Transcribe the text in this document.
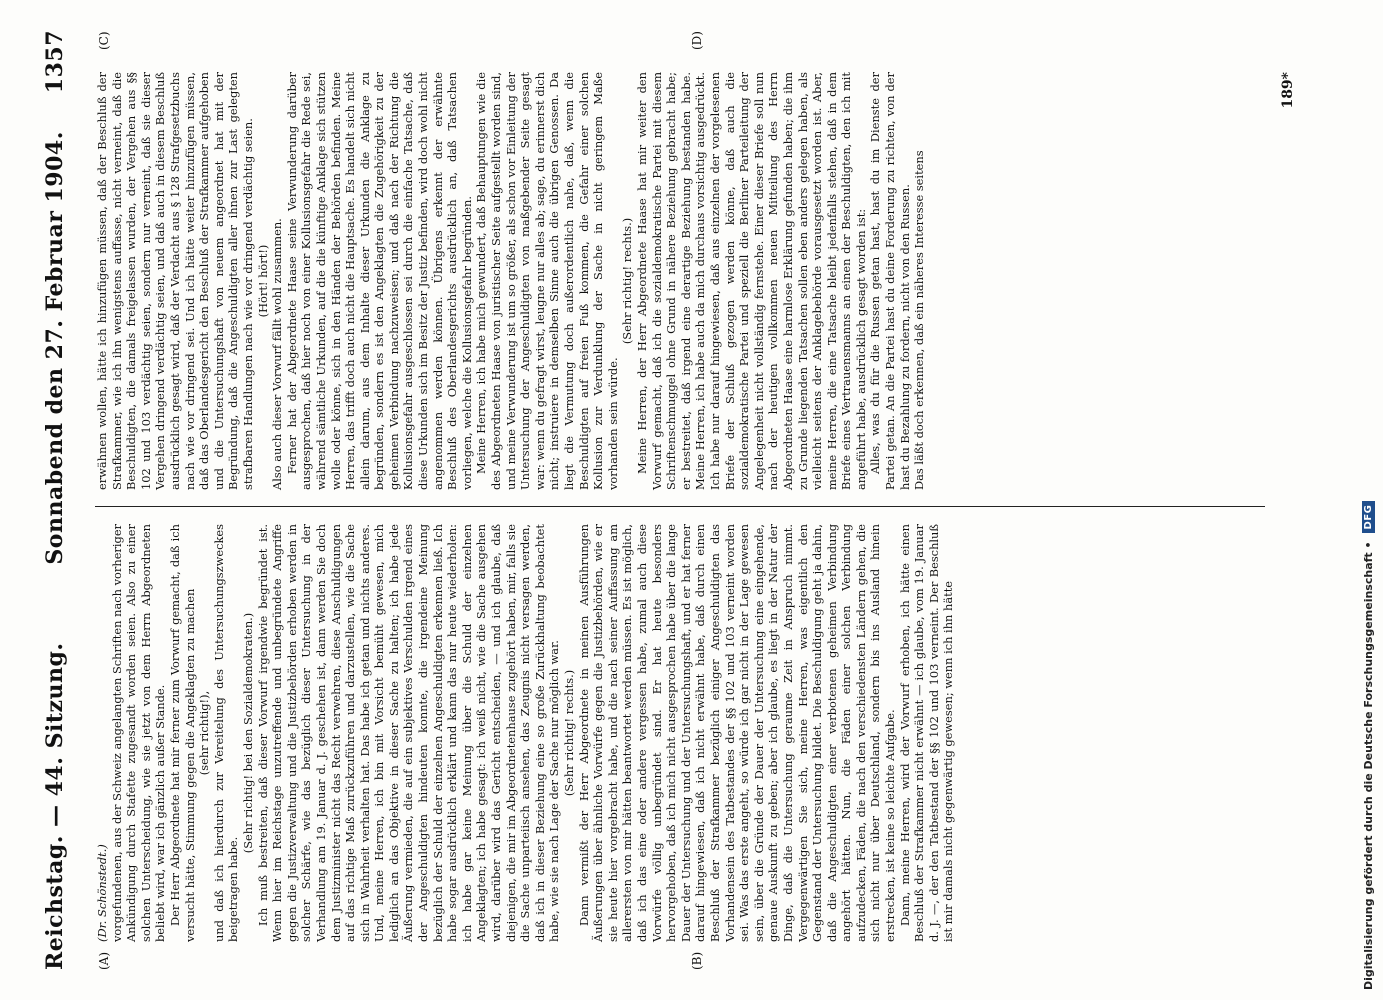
Reichstag. — 44. Sitzung.
Sonnabend den 27. Februar 1904.
1357
(A)	(B)
(C)	(D)

(Dr. Schönstedt.) vorgefundenen, aus der Schweiz angelangten Schriften nach vorheriger Ankündigung durch Stafette zugesandt worden seien. Also zu einer solchen Unterscheidung, wie sie jetzt von dem Herrn Abgeordneten beliebt wird, war ich gänzlich außer Stande. Der Herr Abgeordnete hat mir ferner zum Vorwurf gemacht, daß ich versucht hätte, Stimmung gegen die Angeklagten zu machen (sehr richtig!), und daß ich hierdurch zur Vereitelung des Untersuchungszweckes beigetragen habe.

(Sehr richtig! bei den Sozialdemokraten.) Ich muß bestreiten, daß dieser Vorwurf irgendwie begründet ist. Wenn hier im Reichstage unzutreffende und unbegründete Angriffe gegen die Justizverwaltung und die Justizbehörden erhoben werden in solcher Schärfe, wie das bezüglich dieser Untersuchung in der Verhandlung am 19. Januar d. J. geschehen ist, dann werden Sie doch dem Justizminister nicht das Recht verwehren, diese Anschuldigungen auf das richtige Maß zurückzuführen und darzustellen, wie die Sache sich in Wahrheit verhalten hat. Das habe ich getan und nichts anderes. Und, meine Herren, ich bin mit Vorsicht bemüht gewesen, mich lediglich an das Objektive in dieser Sache zu halten; ich habe jede Äußerung vermieden, die auf ein subjektives Verschulden irgend eines der Angeschuldigten hindeuten konnte, die irgendeine Meinung bezüglich der Schuld der einzelnen Angeschuldigten erkennen ließ. Ich habe sogar ausdrücklich erklärt und kann das nur heute wiederholen: ich habe gar keine Meinung über die Schuld der einzelnen Angeklagten; ich habe gesagt: ich weiß nicht, wie die Sache ausgehen wird, darüber wird das Gericht entscheiden, — und ich glaube, daß diejenigen, die mir im Abgeordnetenhause zugehört haben, mir, falls sie die Sache unparteiisch ansehen, das Zeugnis nicht versagen werden, daß ich in dieser Beziehung eine so große Zurückhaltung beobachtet habe, wie sie nach Lage der Sache nur möglich war. (Sehr richtig! rechts.) Dann vermißt der Herr Abgeordnete in meinen Ausführungen Äußerungen über ähnliche Vorwürfe gegen die Justizbehörden, wie er sie heute hier vorgebracht habe, und die nach seiner Auffassung am allerersten von mir hätten beantwortet werden müssen. Es ist möglich, daß ich das eine oder andere vergessen habe, zumal auch diese Vorwürfe völlig unbegründet sind. Er hat heute besonders hervorgehoben, daß ich mich nicht ausgesprochen habe über die lange Dauer der Untersuchung und der Untersuchungshaft, und er hat ferner darauf hingewiesen, daß ich nicht erwähnt habe, daß durch einen Beschluß der Strafkammer bezüglich einiger Angeschuldigten das Vorhandensein des Tatbestandes der §§ 102 und 103 verneint worden sei. Was das erste angeht, so würde ich gar nicht in der Lage gewesen sein, über die Gründe der Dauer der Untersuchung eine eingehende, genaue Auskunft zu geben; aber ich glaube, es liegt in der Natur der Dinge, daß die Untersuchung geraume Zeit in Anspruch nimmt. Vergegenwärtigen Sie sich, meine Herren, was eigentlich den Gegenstand der Untersuchung bildet. Die Beschuldigung geht ja dahin, daß die Angeschuldigten einer verbotenen geheimen Verbindung angehört hätten. Nun, die Fäden einer solchen Verbindung aufzudecken, Fäden, die nach den verschiedensten Ländern gehen, die sich nicht nur über Deutschland, sondern bis ins Ausland hinein erstrecken, ist keine so leichte Aufgabe. Dann, meine Herren, wird der Vorwurf erhoben, ich hätte einen Beschluß der Strafkammer nicht erwähnt — ich glaube, vom 19. Januar d. J. —, der den Tatbestand der §§ 102 und 103 verneint. Der Beschluß ist mir damals nicht gegenwärtig gewesen; wenn ich ihn hätte

erwähnen wollen, hätte ich hinzufügen müssen, daß der Beschluß der Strafkammer, wie ich ihn wenigstens auffasse, nicht verneint, daß die Beschuldigten, die damals freigelassen wurden, der Vergehen aus §§ 102 und 103 verdächtig seien, sondern nur verneint, daß sie dieser Vergehen dringend verdächtig seien, und daß auch in diesem Beschluß ausdrücklich gesagt wird, daß der Verdacht aus § 128 Strafgesetzbuchs nach wie vor dringend sei. Und ich hätte weiter hinzufügen müssen, daß das Oberlandesgericht den Beschluß der Strafkammer aufgehoben und die Untersuchungshaft von neuem angeordnet hat mit der Begründung, daß die Angeschuldigten aller ihnen zur Last gelegten strafbaren Handlungen nach wie vor dringend verdächtig seien. (Hört! hört!) Also auch dieser Vorwurf fällt wohl zusammen. Ferner hat der Abgeordnete Haase seine Verwunderung darüber ausgesprochen, daß hier noch von einer Kollusionsgefahr die Rede sei, während sämtliche Urkunden, auf die die künftige Anklage sich stützen wolle oder könne, sich in den Händen der Behörden befinden. Meine Herren, das trifft doch auch nicht die Hauptsache. Es handelt sich nicht allein darum, aus dem Inhalte dieser Urkunden die Anklage zu begründen, sondern es ist den Angeklagten die Zugehörigkeit zu der geheimen Verbindung nachzuweisen; und daß nach der Richtung die Kollusionsgefahr ausgeschlossen sei durch die einfache Tatsache, daß diese Urkunden sich im Besitz der Justiz befinden, wird doch wohl nicht angenommen werden können. Übrigens erkennt der erwähnte Beschluß des Oberlandesgerichts ausdrücklich an, daß Tatsachen vorliegen, welche die Kollusionsgefahr begründen. Meine Herren, ich habe mich gewundert, daß Behauptungen wie die des Abgeordneten Haase von juristischer Seite aufgestellt worden sind, und meine Verwunderung ist um so größer, als schon vor Einleitung der Untersuchung der Angeschuldigten von maßgebender Seite gesagt war: wenn du gefragt wirst, leugne nur alles ab; sage, du erinnerst dich nicht; instruiere in demselben Sinne auch die übrigen Genossen. Da liegt die Vermutung doch außerordentlich nahe, daß, wenn die Beschuldigten auf freien Fuß kommen, die Gefahr einer solchen Kollusion zur Verdunklung der Sache in nicht geringem Maße vorhanden sein würde.

(Sehr richtig! rechts.) Meine Herren, der Herr Abgeordnete Haase hat mir weiter den Vorwurf gemacht, daß ich die sozialdemokratische Partei mit diesem Schriftenschmuggel ohne Grund in nähere Beziehung gebracht habe; er bestreitet, daß irgend eine derartige Beziehung bestanden habe. Meine Herren, ich habe auch da mich durchaus vorsichtig ausgedrückt. Ich habe nur darauf hingewiesen, daß aus einzelnen der vorgelesenen Briefe der Schluß gezogen werden könne, daß auch die sozialdemokratische Partei und speziell die Berliner Parteileitung der Angelegenheit nicht vollständig fernstehe. Einer dieser Briefe soll nun nach der heutigen vollkommen neuen Mitteilung des Herrn Abgeordneten Haase eine harmlose Erklärung gefunden haben; die ihm zu Grunde liegenden Tatsachen sollen eben anders gelegen haben, als vielleicht seitens der Anklagebehörde vorausgesetzt worden ist. Aber, meine Herren, die eine Tatsache bleibt jedenfalls stehen, daß in dem Briefe eines Vertrauensmanns an einen der Beschuldigten, den ich mit angeführt habe, ausdrücklich gesagt worden ist: Alles, was du für die Russen getan hast, hast du im Dienste der Partei getan. An die Partei hast du deine Forderung zu richten, von der hast du Bezahlung zu fordern, nicht von den Russen. Das läßt doch erkennen, daß ein näheres Interesse seitens

189*
Digitalisierung gefördert durch die Deutsche Forschungsgemeinschaft •
DFG
